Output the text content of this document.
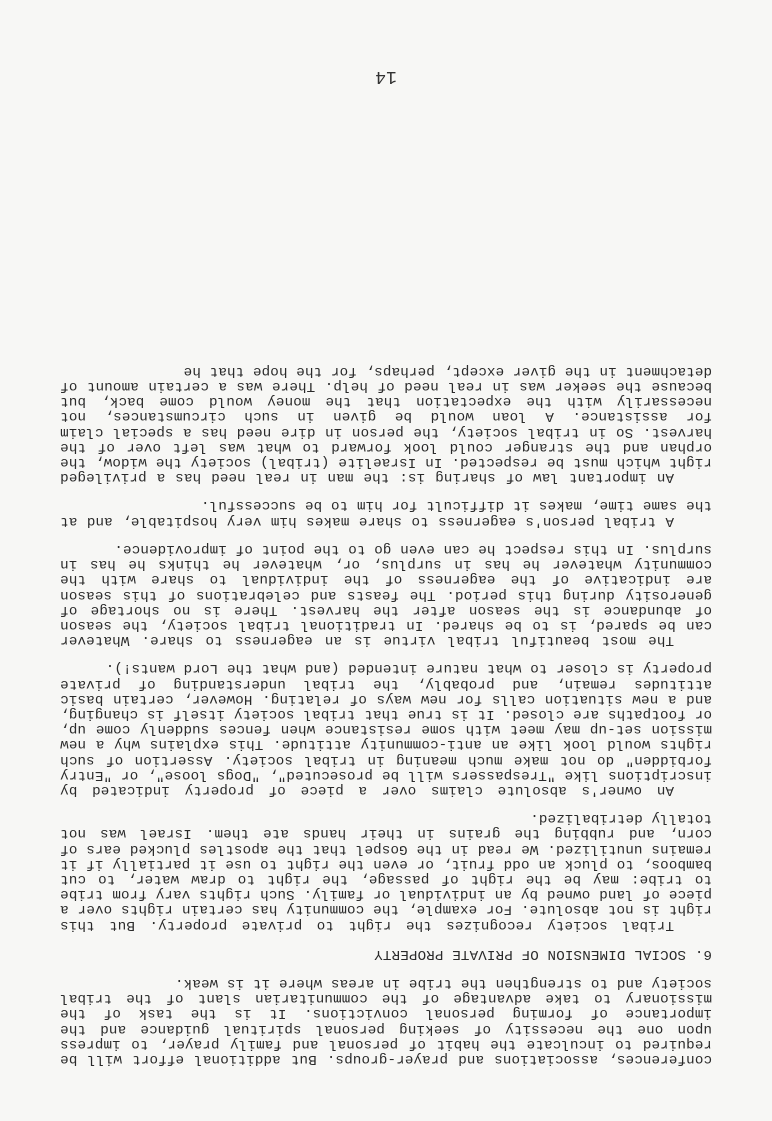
conferences, associations and prayer-groups. But additional effort will be required to inculcate the habit of personal and family prayer, to impress upon one the necessity of seeking personal spiritual guidance and the importance of forming personal convictions. It is the task of the missionary to take advantage of the communitarian slant of the tribal society and to strengthen the tribe in areas where it is weak.

6. SOCIAL DIMENSION OF PRIVATE PROPERTY

Tribal society recognizes the right to private property. But this right is not absolute. For example, the community has certain rights over a piece of land owned by an individual or family. Such rights vary from tribe to tribe: may be the right of passage, the right to draw water, to cut bamboos, to pluck an odd fruit, or even the right to use it partially if it remains unutilized. We read in the Gospel that the apostles plucked ears of corn, and rubbing the grains in their hands ate them. Israel was not totally detribalized.

An owner's absolute claims over a piece of property indicated by inscriptions like "Trespassers will be prosecuted", "Dogs loose", or "Entry forbidden" do not make much meaning in tribal society. Assertion of such rights would look like an anti-community attitude. This explains why a new mission set-up may meet with some resistance when fences suddenly come up, or footpaths are closed. It is true that tribal society itself is changing, and a new situation calls for new ways of relating. However, certain basic attitudes remain, and probably, the tribal understanding of private property is closer to what nature intended (and what the Lord wants!).

The most beautiful tribal virtue is an eagerness to share. Whatever can be spared, is to be shared. In traditional tribal society, the season of abundance is the season after the harvest. There is no shortage of generosity during this period. The feasts and celebrations of this season are indicative of the eagerness of the individual to share with the community whatever he has in surplus, or, whatever he thinks he has in surplus. In this respect he can even go to the point of improvidence.

A tribal person's eagerness to share makes him very hospitable, and at the same time, makes it difficult for him to be successful.

An important law of sharing is: the man in real need has a privileged right which must be respected. In Israelite (tribal) society the widow, the orphan and the stranger could look forward to what was left over of the harvest. So in tribal society, the person in dire need has a special claim for assistance. A loan would be given in such circumstances, not necessarily with the expectation that the money would come back, but because the seeker was in real need of help. There was a certain amount of detachment in the giver except, perhaps, for the hope that he

14
